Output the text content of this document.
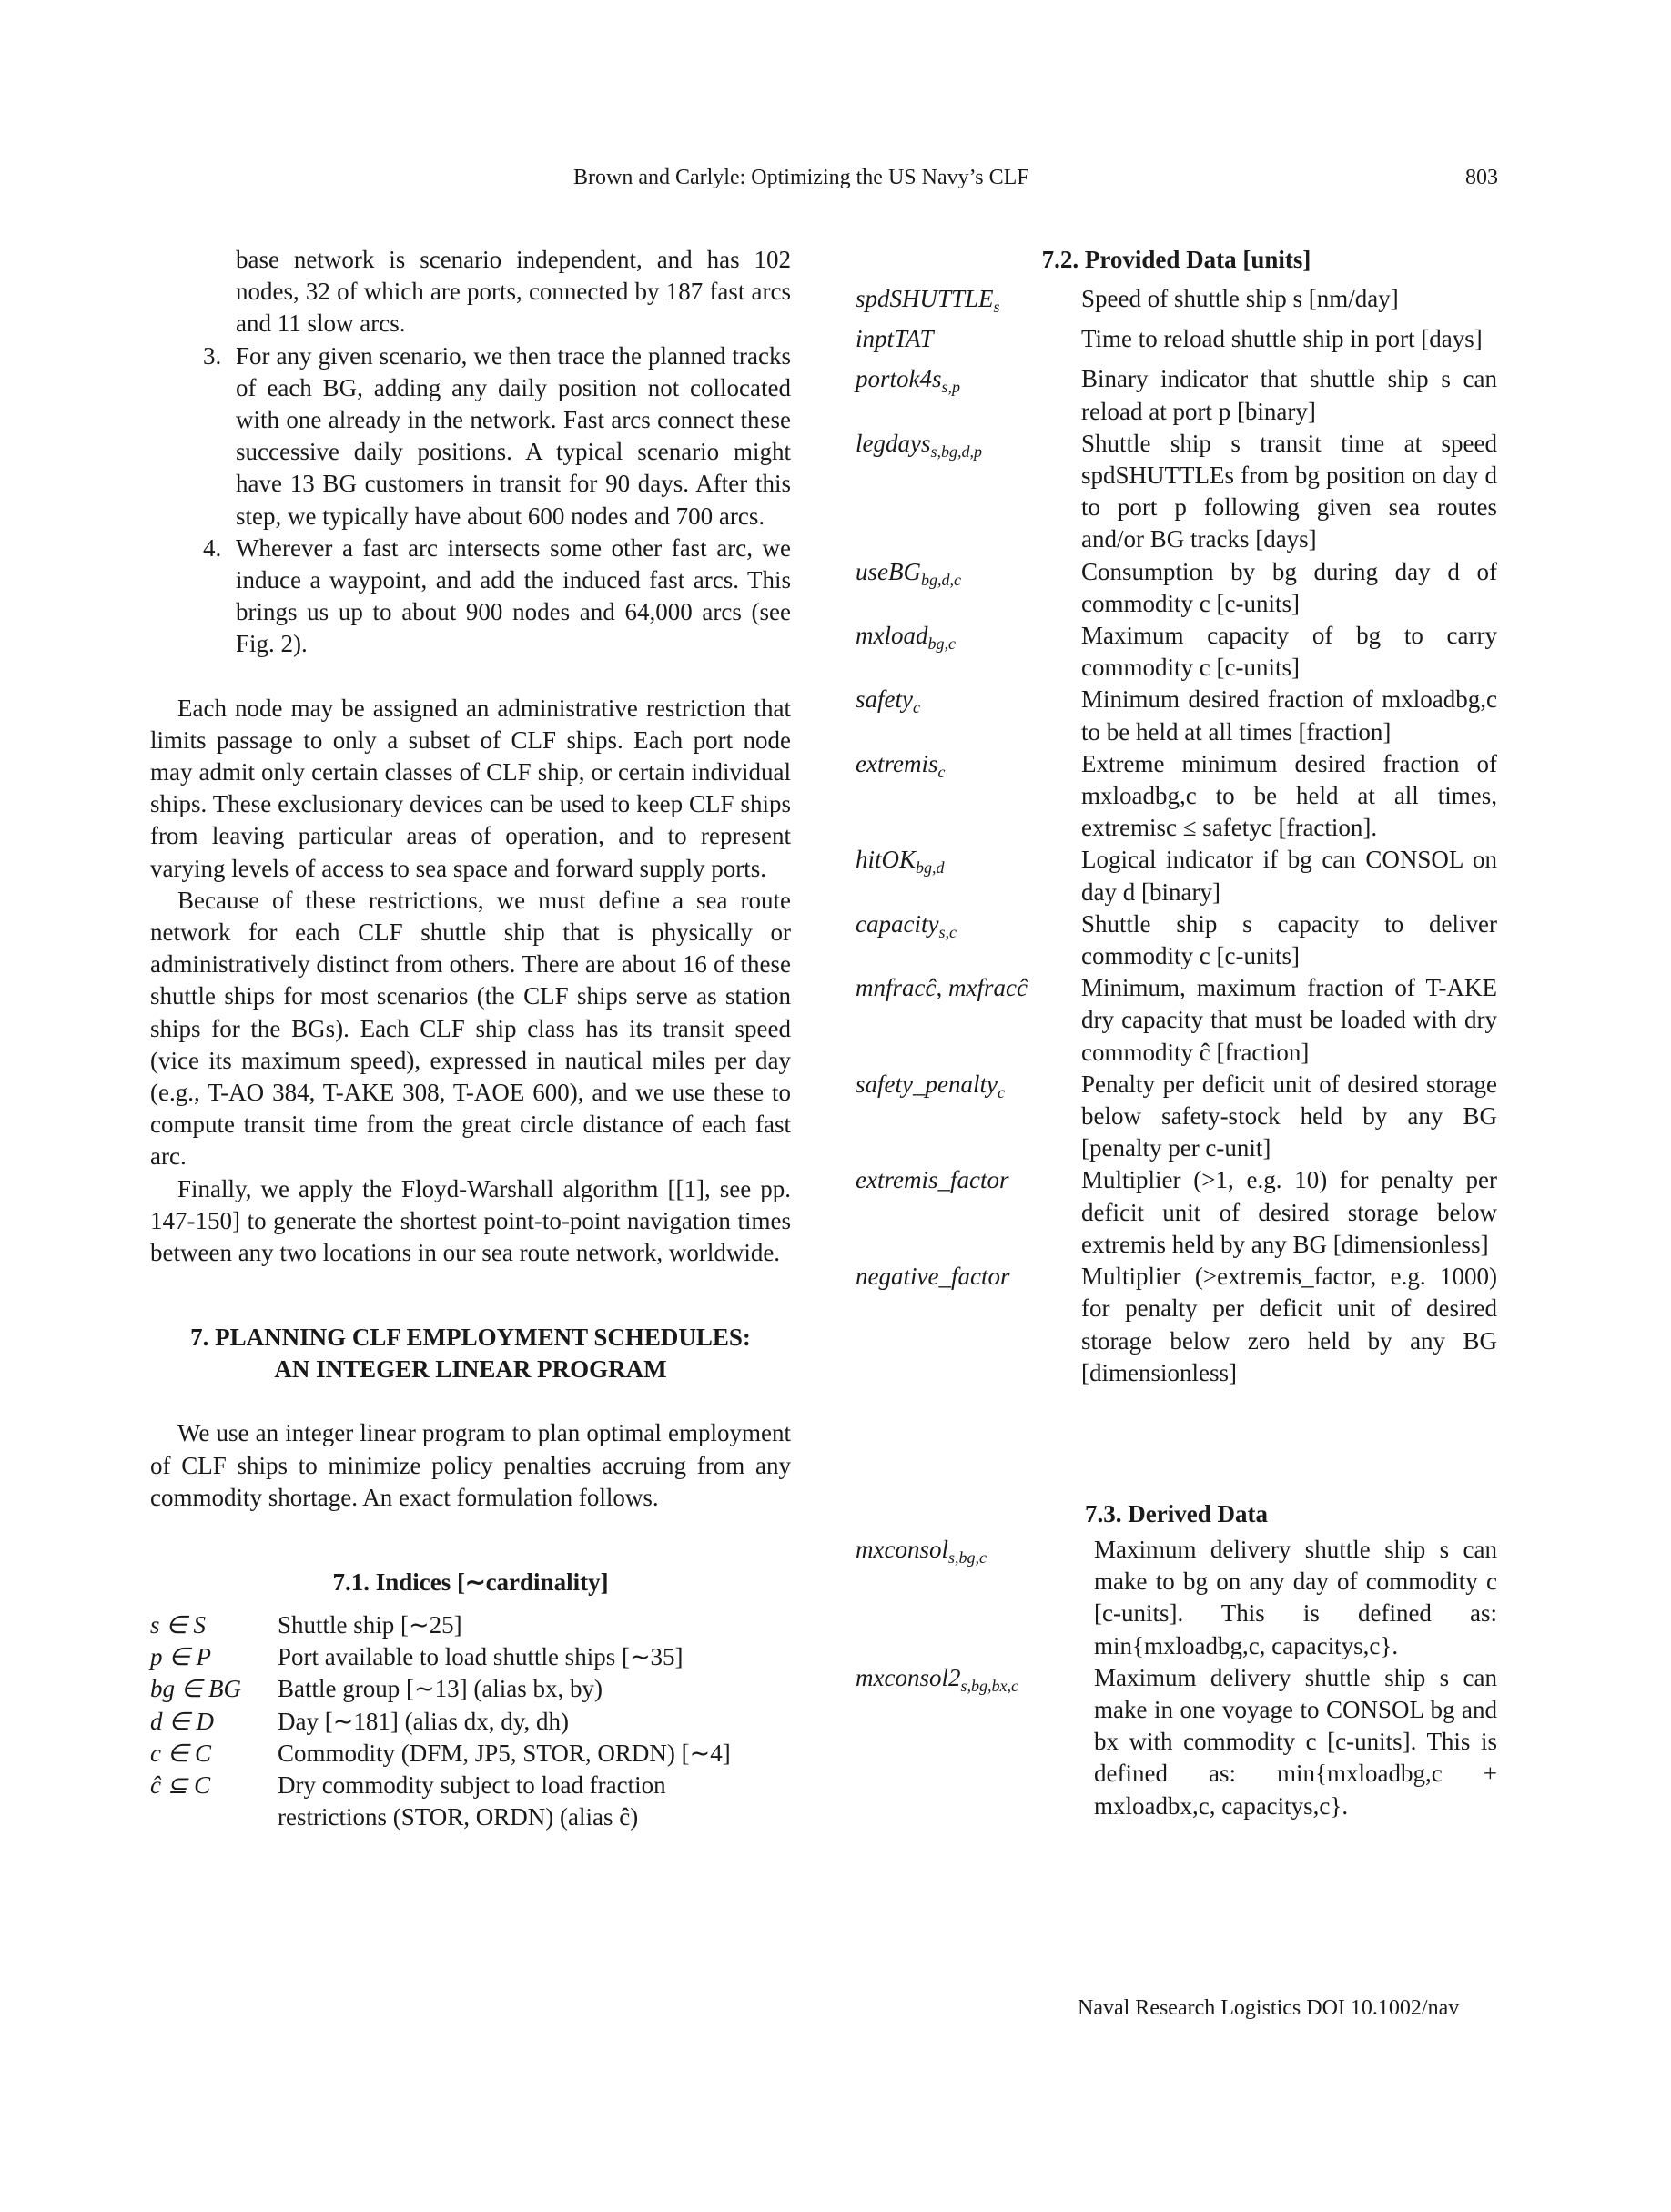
Brown and Carlyle: Optimizing the US Navy’s CLF	803

base network is scenario independent, and has 102 nodes, 32 of which are ports, connected by 187 fast arcs and 11 slow arcs.

3. For any given scenario, we then trace the planned tracks of each BG, adding any daily position not collocated with one already in the network. Fast arcs connect these successive daily positions. A typical scenario might have 13 BG customers in transit for 90 days. After this step, we typically have about 600 nodes and 700 arcs.
4. Wherever a fast arc intersects some other fast arc, we induce a waypoint, and add the induced fast arcs. This brings us up to about 900 nodes and 64,000 arcs (see Fig. 2).

Each node may be assigned an administrative restriction that limits passage to only a subset of CLF ships. Each port node may admit only certain classes of CLF ship, or certain individual ships. These exclusionary devices can be used to keep CLF ships from leaving particular areas of operation, and to represent varying levels of access to sea space and forward supply ports.

Because of these restrictions, we must define a sea route network for each CLF shuttle ship that is physically or administratively distinct from others. There are about 16 of these shuttle ships for most scenarios (the CLF ships serve as station ships for the BGs). Each CLF ship class has its transit speed (vice its maximum speed), expressed in nautical miles per day (e.g., T-AO 384, T-AKE 308, T-AOE 600), and we use these to compute transit time from the great circle distance of each fast arc.

Finally, we apply the Floyd-Warshall algorithm [[1], see pp. 147-150] to generate the shortest point-to-point navigation times between any two locations in our sea route network, worldwide.

7. PLANNING CLF EMPLOYMENT SCHEDULES:
AN INTEGER LINEAR PROGRAM

We use an integer linear program to plan optimal employment of CLF ships to minimize policy penalties accruing from any commodity shortage. An exact formulation follows.

7.1. Indices [∼cardinality]
s ∈ S	Shuttle ship [∼25]
p ∈ P	Port available to load shuttle ships [∼35]
bg ∈ BG	Battle group [∼13] (alias bx, by)
d ∈ D	Day [∼181] (alias dx, dy, dh)
c ∈ C	Commodity (DFM, JP5, STOR, ORDN) [∼4]
ĉ ⊆ C	Dry commodity subject to load fraction
	restrictions (STOR, ORDN) (alias ĉ)
7.2. Provided Data [units]
spdSHUTTLE$_s$	Speed of shuttle ship s [nm/day]
inptTAT	Time to reload shuttle ship in port [days]
$portok4s_{s,p}$	Binary indicator that shuttle ship s can reload at port p [binary]
legdays$_{s,bg,d,p}$	Shuttle ship s transit time at speed spdSHUTTLEs from bg position on day d to port p following given sea routes and/or BG tracks [days]
useBG$_{bg,d,c}$	Consumption by bg during day d of commodity c [c-units]
mxload$_{bg,c}$	Maximum capacity of bg to carry commodity c [c-units]
safety$_c$	Minimum desired fraction of mxloadbg,c to be held at all times [fraction]
extremis$_c$	Extreme minimum desired fraction of mxloadbg,c to be held at all times, extremisc ≤ safetyc [fraction].
hitOK$_{bg,d}$	Logical indicator if bg can CONSOL on day d [binary]
capacity$_{s,c}$	Shuttle ship s capacity to deliver commodity c [c-units]
mnfracĉ, mxfracĉ	Minimum, maximum fraction of T-AKE dry capacity that must be loaded with dry commodity ĉ [fraction]
safety_penalty$_c$	Penalty per deficit unit of desired storage below safety-stock held by any BG [penalty per c-unit]
extremis_factor	Multiplier (>1, e.g. 10) for penalty per deficit unit of desired storage below extremis held by any BG [dimensionless]
negative_factor	Multiplier (>extremis_factor, e.g. 1000) for penalty per deficit unit of desired storage below zero held by any BG [dimensionless]
7.3. Derived Data
mxconsol$_{s,bg,c}$	Maximum delivery shuttle ship s can make to bg on any day of commodity c [c-units]. This is defined as: min{mxloadbg,c, capacitys,c}.
$mxconsol2_{s,bg,bx,c}$	Maximum delivery shuttle ship s can make in one voyage to CONSOL bg and bx with commodity c [c-units]. This is defined as: min{mxloadbg,c + mxloadbx,c, capacitys,c}.
Naval Research Logistics DOI 10.1002/nav
